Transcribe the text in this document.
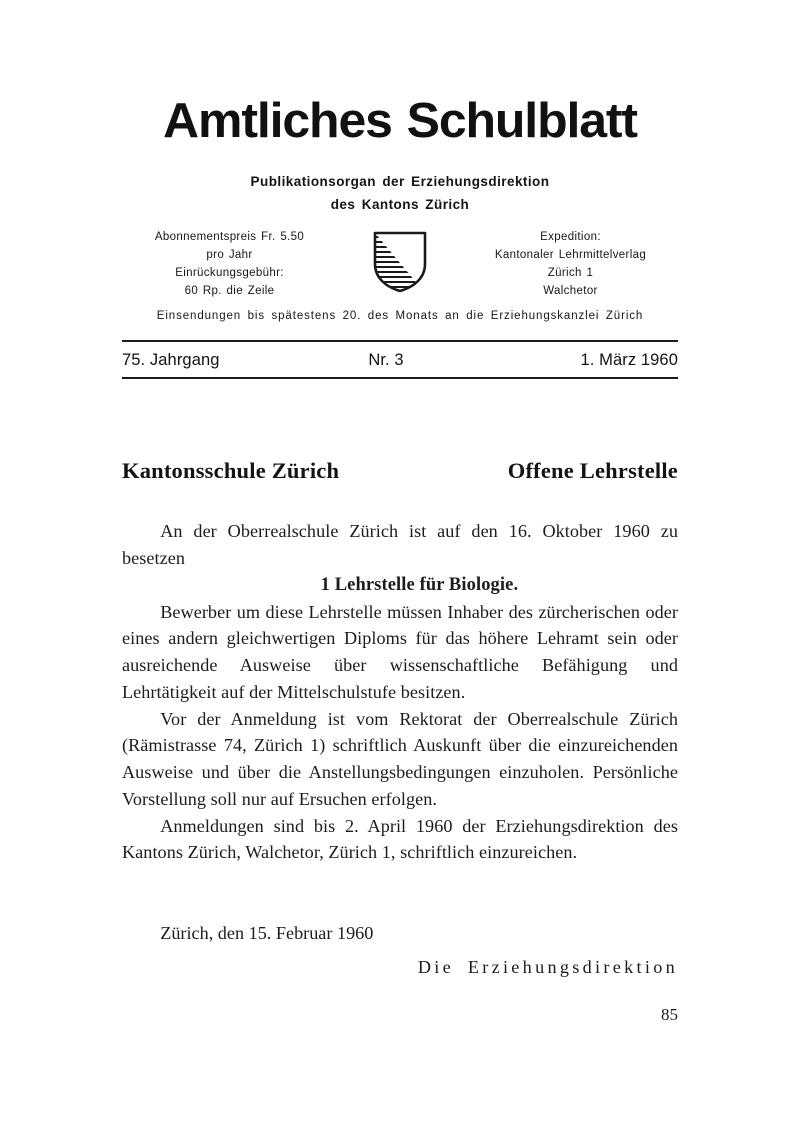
Amtliches Schulblatt
Publikationsorgan der Erziehungsdirektion
des Kantons Zürich
Abonnementspreis Fr. 5.50
pro Jahr
Einrückungsgebühr:
60 Rp. die Zeile
Expedition:
Kantonaler Lehrmittelverlag
Zürich 1
Walchetor
Einsendungen bis spätestens 20. des Monats an die Erziehungskanzlei Zürich
75. Jahrgang	Nr. 3	1. März 1960
Kantonsschule Zürich	Offene Lehrstelle

An der Oberrealschule Zürich ist auf den 16. Oktober 1960 zu besetzen

1 Lehrstelle für Biologie.

Bewerber um diese Lehrstelle müssen Inhaber des zürcherischen oder eines andern gleichwertigen Diploms für das höhere Lehramt sein oder ausreichende Ausweise über wissenschaftliche Befähigung und Lehrtätigkeit auf der Mittelschulstufe besitzen.

Vor der Anmeldung ist vom Rektorat der Oberrealschule Zürich (Rämistrasse 74, Zürich 1) schriftlich Auskunft über die einzureichenden Ausweise und über die Anstellungsbedingungen einzuholen. Persönliche Vorstellung soll nur auf Ersuchen erfolgen.

Anmeldungen sind bis 2. April 1960 der Erziehungsdirektion des Kantons Zürich, Walchetor, Zürich 1, schriftlich einzureichen.

Zürich, den 15. Februar 1960
Die Erziehungsdirektion
85
